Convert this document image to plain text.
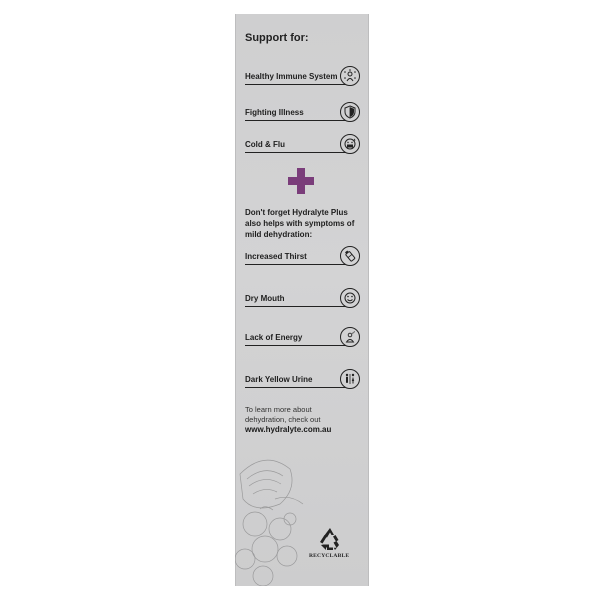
Support for:
Healthy Immune System
Fighting Illness
Cold & Flu
Don't forget Hydralyte Plus also helps with symptoms of mild dehydration:
Increased Thirst
Dry Mouth
Lack of Energy	z z
Dark Yellow Urine
To learn more about
dehydration, check out
www.hydralyte.com.au
RECYCLABLE
